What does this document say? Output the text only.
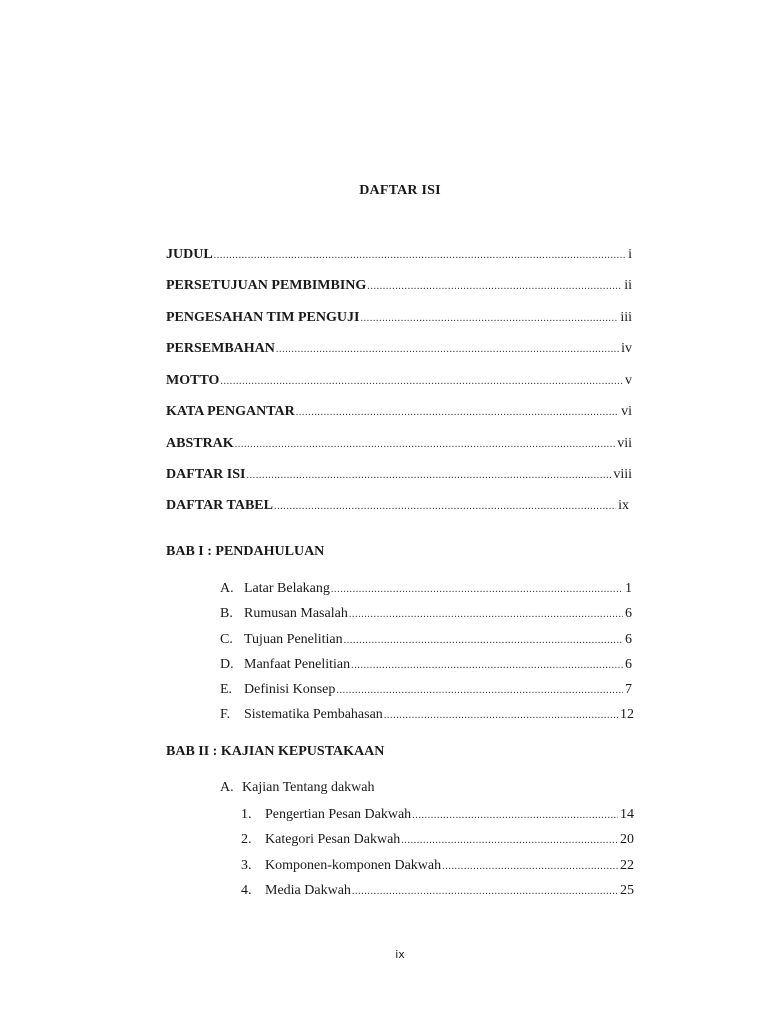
DAFTAR ISI
JUDUL .....	i
PERSETUJUAN PEMBIMBING .....	ii
PENGESAHAN TIM PENGUJI .....	iii
PERSEMBAHAN .....	iv
MOTTO .....	v
KATA PENGANTAR .....	vi
ABSTRAK .....	vii
DAFTAR ISI .....	viii
DAFTAR TABEL .....	ix
BAB I : PENDAHULUAN
A. Latar Belakang .....	1
B. Rumusan Masalah .....	6
C. Tujuan Penelitian .....	6
D. Manfaat Penelitian .....	6
E. Definisi Konsep .....	7
F. Sistematika Pembahasan .....	12
BAB II : KAJIAN KEPUSTAKAAN
A. Kajian Tentang dakwah
1. Pengertian Pesan Dakwah .....	14
2. Kategori Pesan Dakwah .....	20
3. Komponen-komponen Dakwah .....	22
4. Media Dakwah .....	25
ix
